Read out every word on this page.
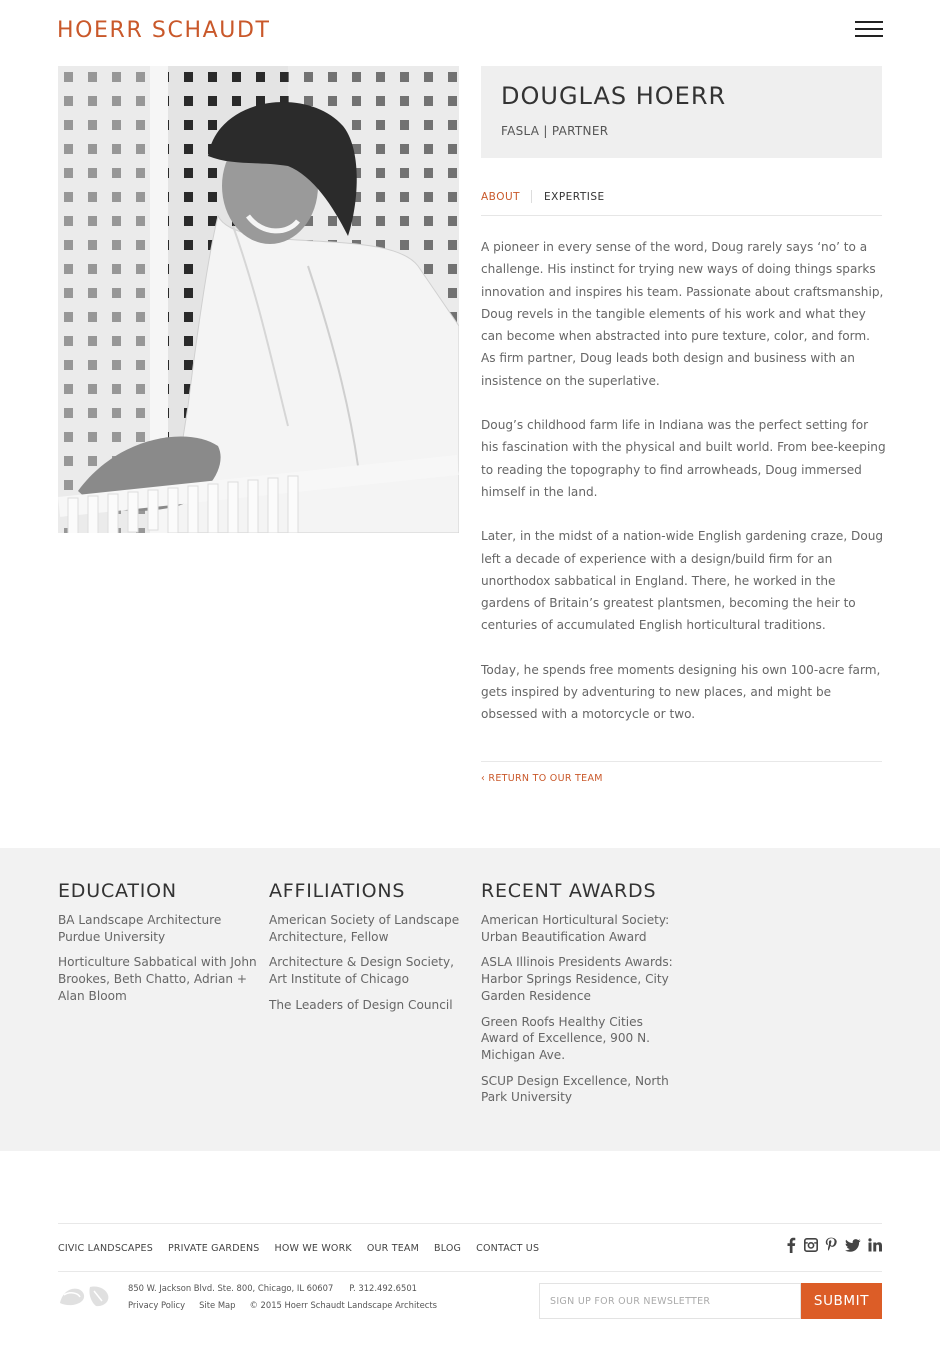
HOERR SCHAUDT
DOUGLAS HOERR
FASLA | PARTNER
ABOUT EXPERTISE

A pioneer in every sense of the word, Doug rarely says ‘no’ to a challenge. His instinct for trying new ways of doing things sparks innovation and inspires his team. Passionate about craftsmanship, Doug revels in the tangible elements of his work and what they can become when abstracted into pure texture, color, and form. As firm partner, Doug leads both design and business with an insistence on the superlative.

Doug’s childhood farm life in Indiana was the perfect setting for his fascination with the physical and built world. From bee-keeping to reading the topography to find arrowheads, Doug immersed himself in the land.

Later, in the midst of a nation-wide English gardening craze, Doug left a decade of experience with a design/build firm for an unorthodox sabbatical in England. There, he worked in the gardens of Britain’s greatest plantsmen, becoming the heir to centuries of accumulated English horticultural traditions.

Today, he spends free moments designing his own 100-acre farm, gets inspired by adventuring to new places, and might be obsessed with a motorcycle or two.

‹ RETURN TO OUR TEAM
EDUCATION
BA Landscape Architecture Purdue University
Horticulture Sabbatical with John Brookes, Beth Chatto, Adrian + Alan Bloom
AFFILIATIONS
American Society of Landscape Architecture, Fellow
Architecture & Design Society, Art Institute of Chicago
The Leaders of Design Council
RECENT AWARDS
American Horticultural Society: Urban Beautification Award
ASLA Illinois Presidents Awards: Harbor Springs Residence, City Garden Residence
Green Roofs Healthy Cities Award of Excellence, 900 N. Michigan Ave.
SCUP Design Excellence, North Park University
CIVIC LANDSCAPES PRIVATE GARDENS HOW WE WORK OUR TEAM BLOG CONTACT US
850 W. Jackson Blvd. Ste. 800, Chicago, IL 60607 P. 312.492.6501
Privacy Policy Site Map © 2015 Hoerr Schaudt Landscape Architects
SIGN UP FOR OUR NEWSLETTER	SUBMIT
